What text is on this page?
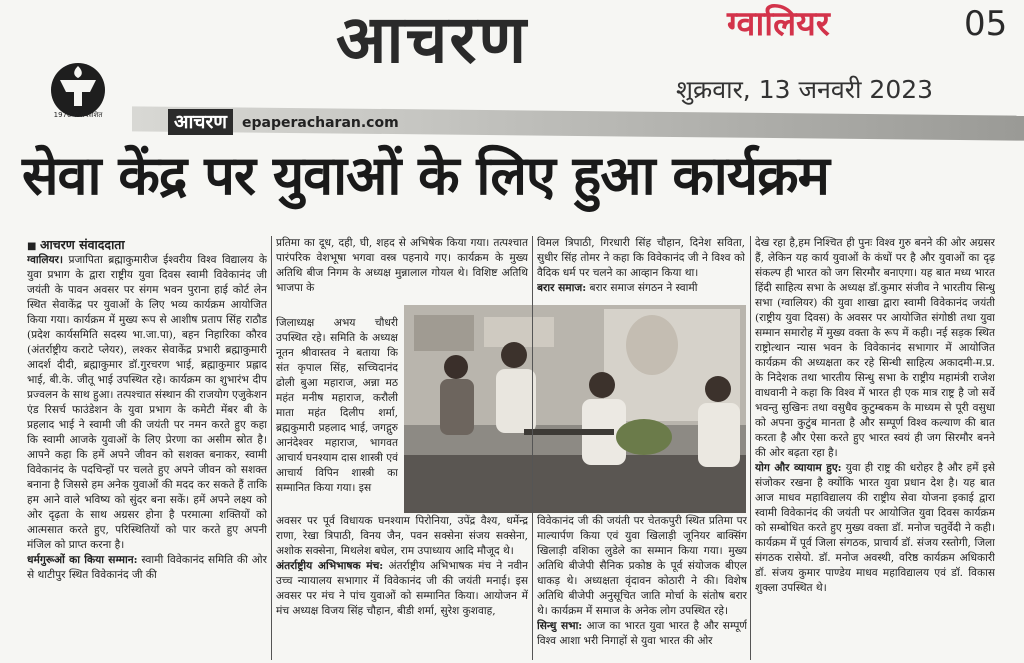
1970 से प्रकाशित
आचरण	ग्वालियर	05
शुक्रवार, 13 जनवरी 2023
आचरण	epaperacharan.com
सेवा केंद्र पर युवाओं के लिए हुआ कार्यक्रम
■ आचरण संवाददाता
ग्वालियर। प्रजापिता ब्रह्माकुमारीज ईश्वरीय विश्व विद्यालय के युवा प्रभाग के द्वारा राष्ट्रीय युवा दिवस स्वामी विवेकानंद जी जयंती के पावन अवसर पर संगम भवन पुराना हाई कोर्ट लेन स्थित सेवाकेंद्र पर युवाओं के लिए भव्य कार्यक्रम आयोजित किया गया। कार्यक्रम में मुख्य रूप से आशीष प्रताप सिंह राठौड (प्रदेश कार्यसमिति सदस्य भा.जा.पा), बहन निहारिका कौरव (अंतर्राष्ट्रीय कराटे प्लेयर), लश्कर सेवाकेंद्र प्रभारी ब्रह्माकुमारी आदर्श दीदी, ब्रह्माकुमार डॉ.गुरचरण भाई, ब्रह्माकुमार प्रह्लाद भाई, बी.के. जीतू भाई उपस्थित रहे। कार्यक्रम का शुभारंभ दीप प्रज्वलन के साथ हुआ। तत्पश्चात संस्थान की राजयोग एजुकेशन एंड रिसर्च फाउंडेशन के युवा प्रभाग के कमेटी मेंबर बी के प्रहलाद भाई ने स्वामी जी की जयंती पर नमन करते हुए कहा कि स्वामी आजके युवाओं के लिए प्रेरणा का असीम स्रोत है। आपने कहा कि हमें अपने जीवन को सशक्त बनाकर, स्वामी विवेकानंद के पदचिन्हों पर चलते हुए अपने जीवन को सशक्त बनाना है जिससे हम अनेक युवाओं की मदद कर सकते हैं ताकि हम आने वाले भविष्य को सुंदर बना सकें। हमें अपने लक्ष्य को ओर दृढ़ता के साथ अग्रसर होना है परमात्मा शक्तियों को आत्मसात करते हुए, परिस्थितियों को पार करते हुए अपनी मंजिल को प्राप्त करना है।
धर्मगुरूओं का किया सम्मान: स्वामी विवेकानंद समिति की ओर से थाटीपुर स्थित विवेकानंद जी की
प्रतिमा का दूध, दही, घी, शहद से अभिषेक किया गया। तत्पश्चात पारंपरिक वेशभूषा भगवा वस्त्र पहनाये गए। कार्यक्रम के मुख्य अतिथि बीज निगम के अध्यक्ष मुन्नालाल गोयल थे। विशिष्ट अतिथि भाजपा के
विमल त्रिपाठी, गिरधारी सिंह चौहान, दिनेश सविता, सुधीर सिंह तोमर ने कहा कि विवेकानंद जी ने विश्व को वैदिक धर्म पर चलने का आव्हान किया था।
बरार समाज: बरार समाज संगठन ने स्वामी
जिलाध्यक्ष अभय चौधरी उपस्थित रहे। समिति के अध्यक्ष नूतन श्रीवास्तव ने बताया कि संत कृपाल सिंह, सच्चिदानंद ढोली बुआ महाराज, अन्ना मठ महंत मनीष महाराज, करौली माता महंत दिलीप शर्मा, ब्रह्मकुमारी प्रहलाद भाई, जगद्गुरु आनंदेश्वर महाराज, भागवत आचार्य घनश्याम दास शास्त्री एवं आचार्य विपिन शास्त्री का सम्मानित किया गया। इस
अवसर पर पूर्व विधायक घनश्याम पिरोनिया, उपेंद्र वैश्य, धर्मेन्द्र राणा, रेखा त्रिपाठी, विनय जैन, पवन सक्सेना संजय सक्सेना, अशोक सक्सेना, मिथलेश बघेल, राम उपाध्याय आदि मौजूद थे।
अंतर्राष्ट्रीय अभिभाषक मंच: अंतर्राष्ट्रीय अभिभाषक मंच ने नवीन उच्च न्यायालय सभागार में विवेकानंद जी की जयंती मनाई। इस अवसर पर मंच ने पांच युवाओं को सम्मानित किया। आयोजन में मंच अध्यक्ष विजय सिंह चौहान, बीडी शर्मा, सुरेश कुशवाह,
विवेकानंद जी की जयंती पर चेतकपुरी स्थित प्रतिमा पर माल्यार्पण किया एवं युवा खिलाड़ी जूनियर बाक्सिंग खिलाड़ी वशिका लुडेले का सम्मान किया गया। मुख्य अतिथि बीजेपी सैनिक प्रकोष्ठ के पूर्व संयोजक बीएल धाकड़ थे। अध्यक्षता वृंदावन कोठारी ने की। विशेष अतिथि बीजेपी अनुसूचित जाति मोर्चा के संतोष बरार थे। कार्यक्रम में समाज के अनेक लोग उपस्थित रहे।
सिन्धु सभा: आज का भारत युवा भारत है और सम्पूर्ण विश्व आशा भरी निगाहों से युवा भारत की ओर
देख रहा है,हम निश्चित ही पुनः विश्व गुरु बनने की ओर अग्रसर हैं, लेकिन यह कार्य युवाओं के कंधों पर है और युवाओं का दृढ़ संकल्प ही भारत को जग सिरमौर बनाएगा। यह बात मध्य भारत हिंदी साहित्य सभा के अध्यक्ष डॉ.कुमार संजीव ने भारतीय सिन्धु सभा (ग्वालियर) की युवा शाखा द्वारा स्वामी विवेकानंद जयंती (राष्ट्रीय युवा दिवस) के अवसर पर आयोजित संगोष्ठी तथा युवा सम्मान समारोह में मुख्य वक्ता के रूप में कही। नई सड़क स्थित राष्ट्रोत्थान न्यास भवन के विवेकानंद सभागार में आयोजित कार्यक्रम की अध्यक्षता कर रहे सिन्धी साहित्य अकादमी-म.प्र. के निदेशक तथा भारतीय सिन्धु सभा के राष्ट्रीय महामंत्री राजेश वाधवानी ने कहा कि विश्व में भारत ही एक मात्र राष्ट्र है जो सर्वे भवन्तु सुखिनः तथा वसुधैव कुटुम्बकम के माध्यम से पूरी वसुधा को अपना कुटुंब मानता है और सम्पूर्ण विश्व कल्याण की बात करता है और ऐसा करते हुए भारत स्वयं ही जग सिरमौर बनने की ओर बढ़ता रहा है।
योग और व्यायाम हुए: युवा ही राष्ट्र की धरोहर है और हमें इसे संजोकर रखना है क्योंकि भारत युवा प्रधान देश है। यह बात आज माधव महाविद्यालय की राष्ट्रीय सेवा योजना इकाई द्वारा स्वामी विवेकानंद की जयंती पर आयोजित युवा दिवस कार्यक्रम को सम्बोधित करते हुए मुख्य वक्ता डॉ. मनोज चतुर्वेदी ने कही। कार्यक्रम में पूर्व जिला संगठक, प्राचार्य डॉ. संजय रस्तोगी, जिला संगठक रासेयो. डॉ. मनोज अवस्थी, वरिष्ठ कार्यक्रम अधिकारी डॉ. संजय कुमार पाण्डेय माधव महाविद्यालय एवं डॉ. विकास शुक्ला उपस्थित थे।
